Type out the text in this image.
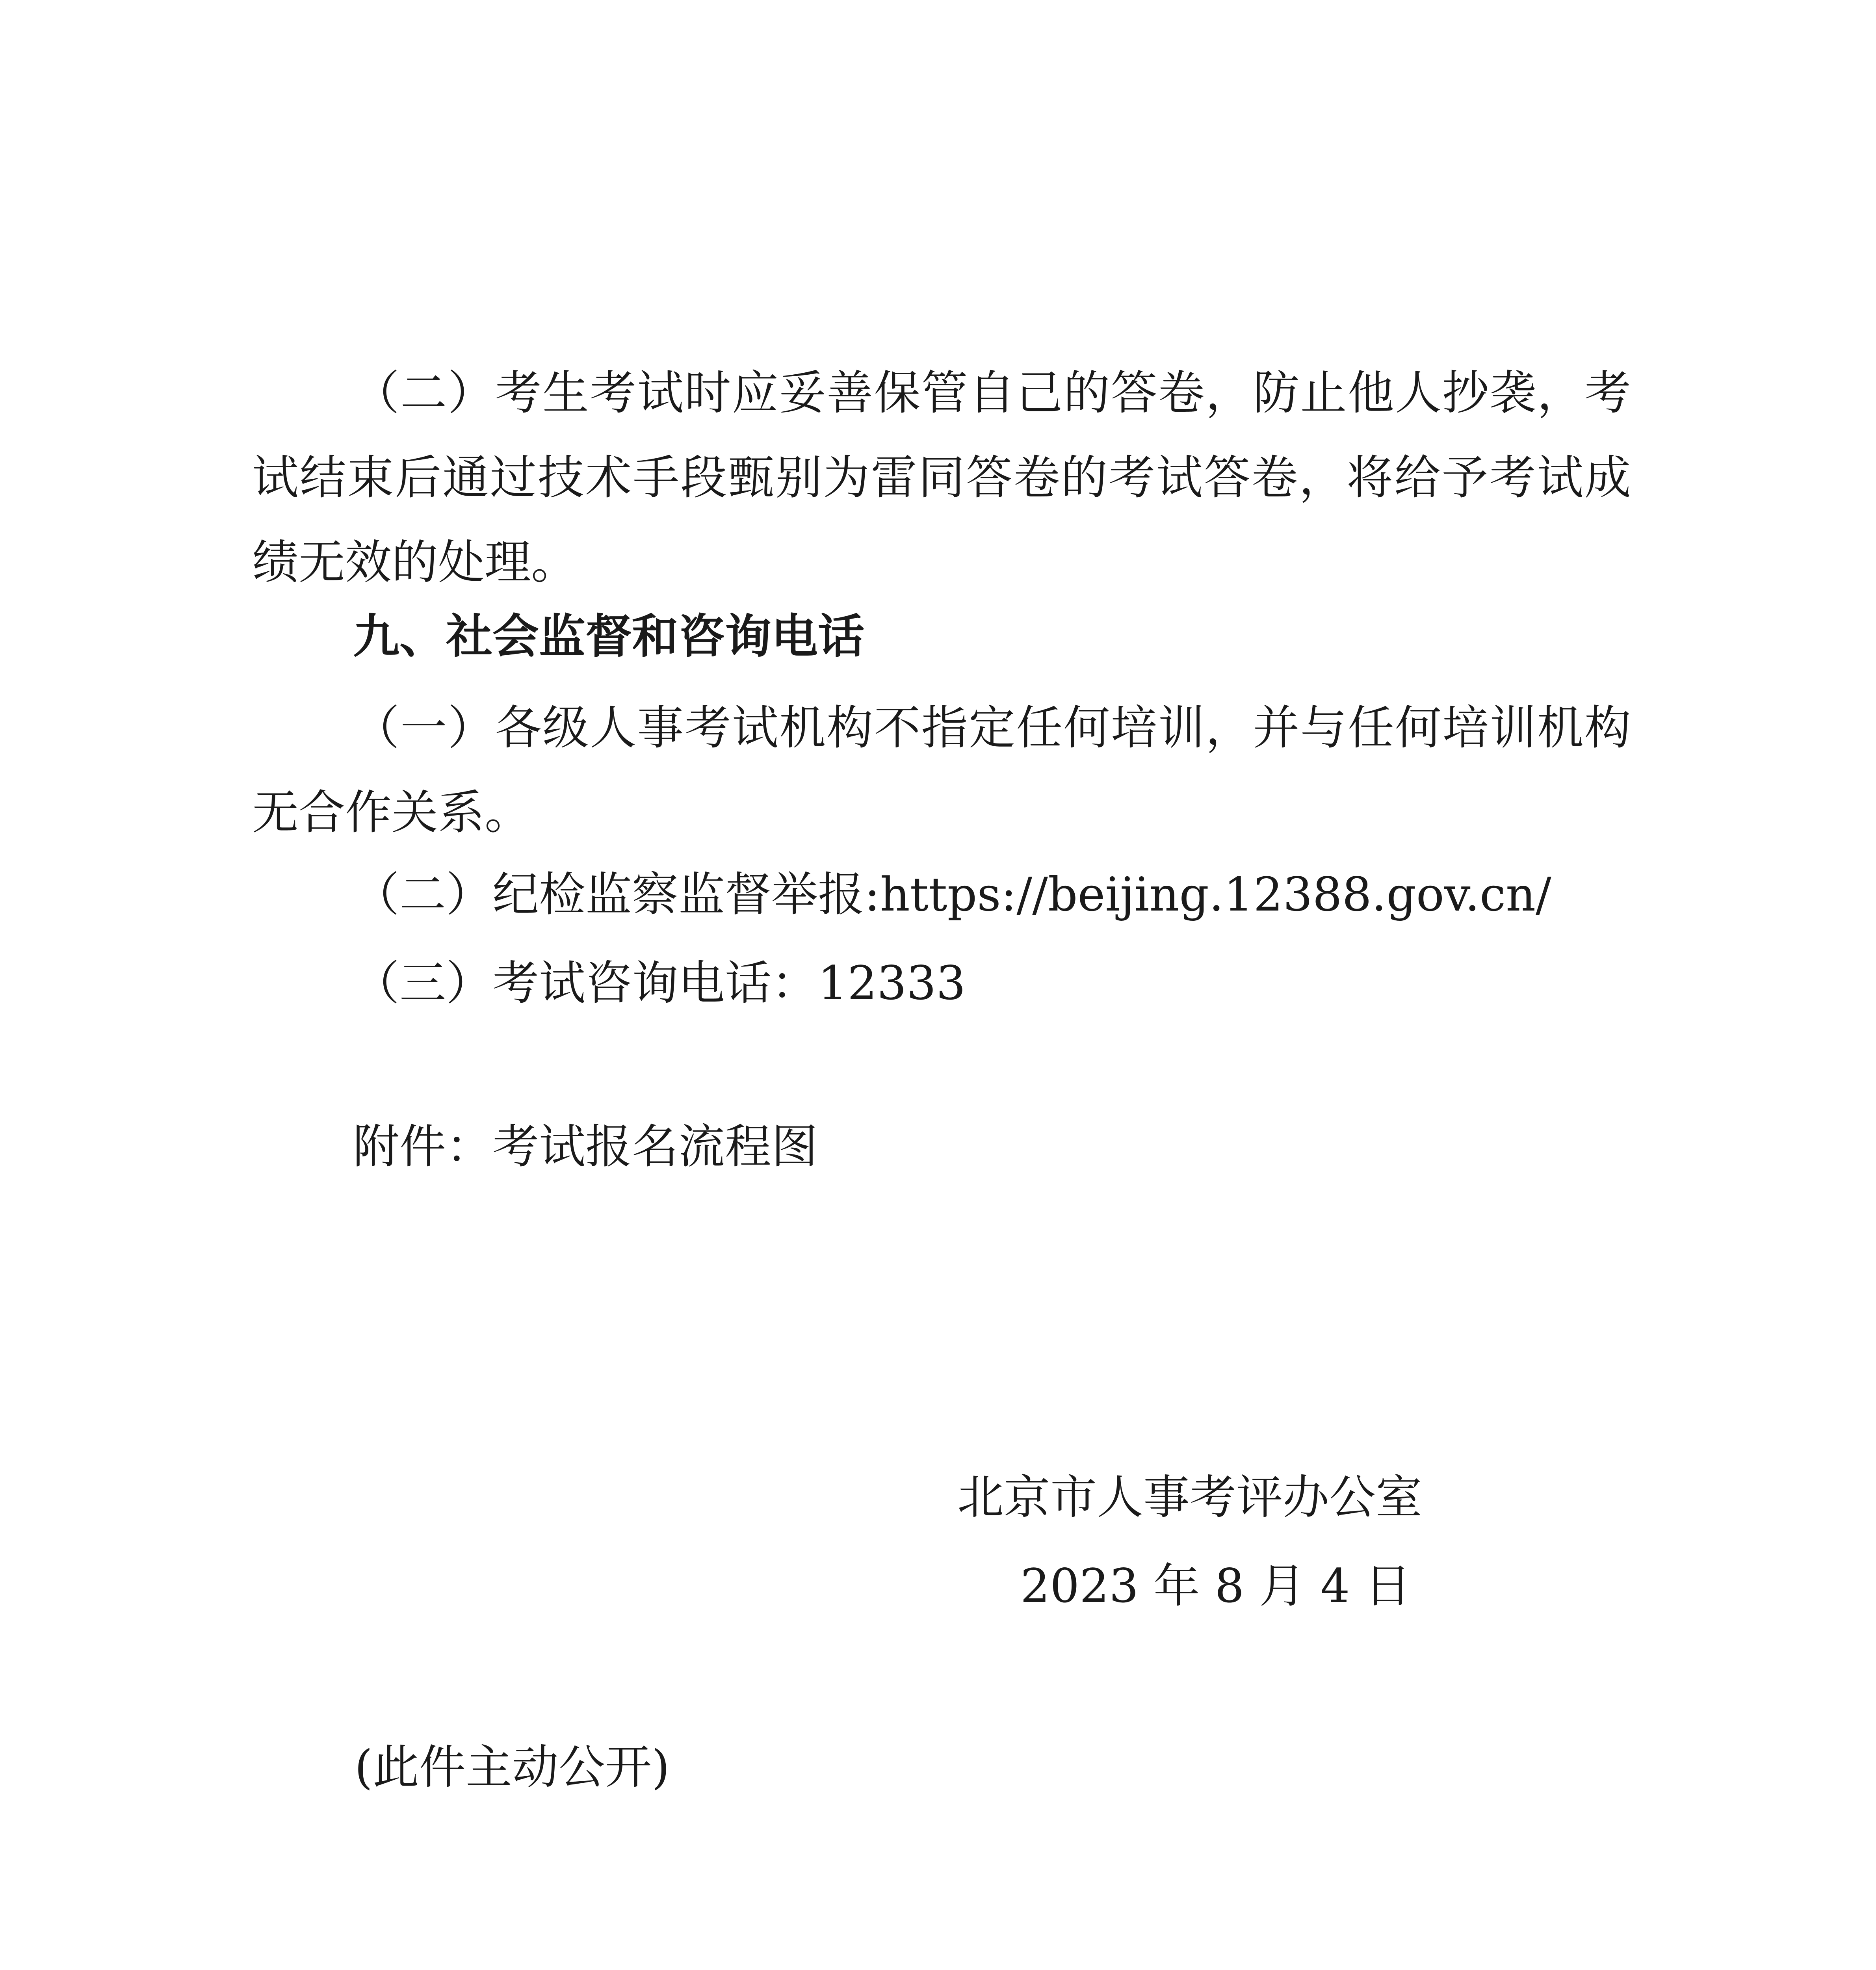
（二）考生考试时应妥善保管自己的答卷，防止他人抄袭，考试结束后通过技术手段甄别为雷同答卷的考试答卷，将给予考试成绩无效的处理。

九、社会监督和咨询电话

（一）各级人事考试机构不指定任何培训，并与任何培训机构无合作关系。

（二）纪检监察监督举报:https://beijing.12388.gov.cn/

（三）考试咨询电话：12333

附件：考试报名流程图

北京市人事考评办公室

2023 年 8 月 4 日

(此件主动公开)
